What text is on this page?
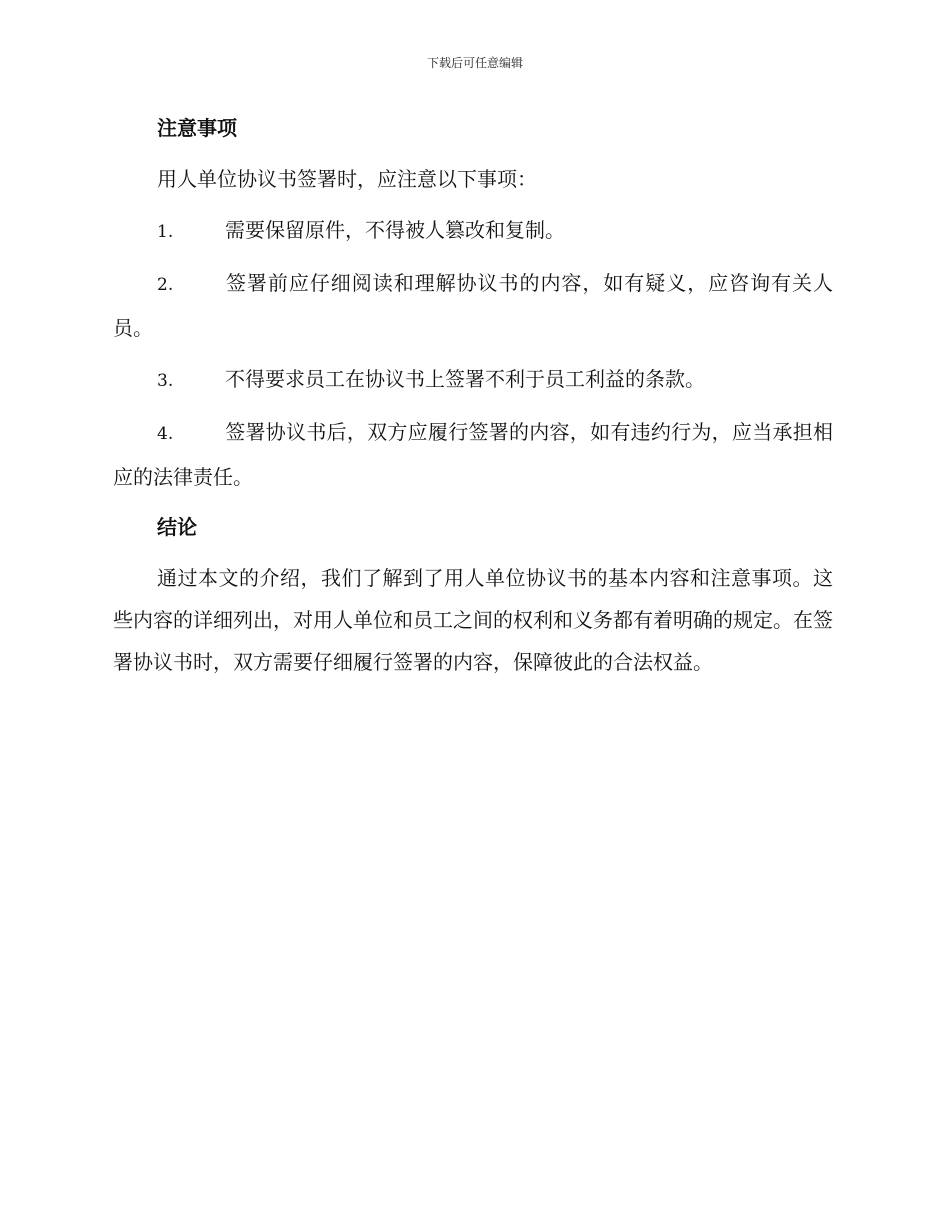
下载后可任意编辑
注意事项

用人单位协议书签署时，应注意以下事项：

1.	需要保留原件，不得被人篡改和复制。

2.	签署前应仔细阅读和理解协议书的内容，如有疑义，应咨询有关人员。

3.	不得要求员工在协议书上签署不利于员工利益的条款。

4.	签署协议书后，双方应履行签署的内容，如有违约行为，应当承担相应的法律责任。

结论

通过本文的介绍，我们了解到了用人单位协议书的基本内容和注意事项。这些内容的详细列出，对用人单位和员工之间的权利和义务都有着明确的规定。在签署协议书时，双方需要仔细履行签署的内容，保障彼此的合法权益。
